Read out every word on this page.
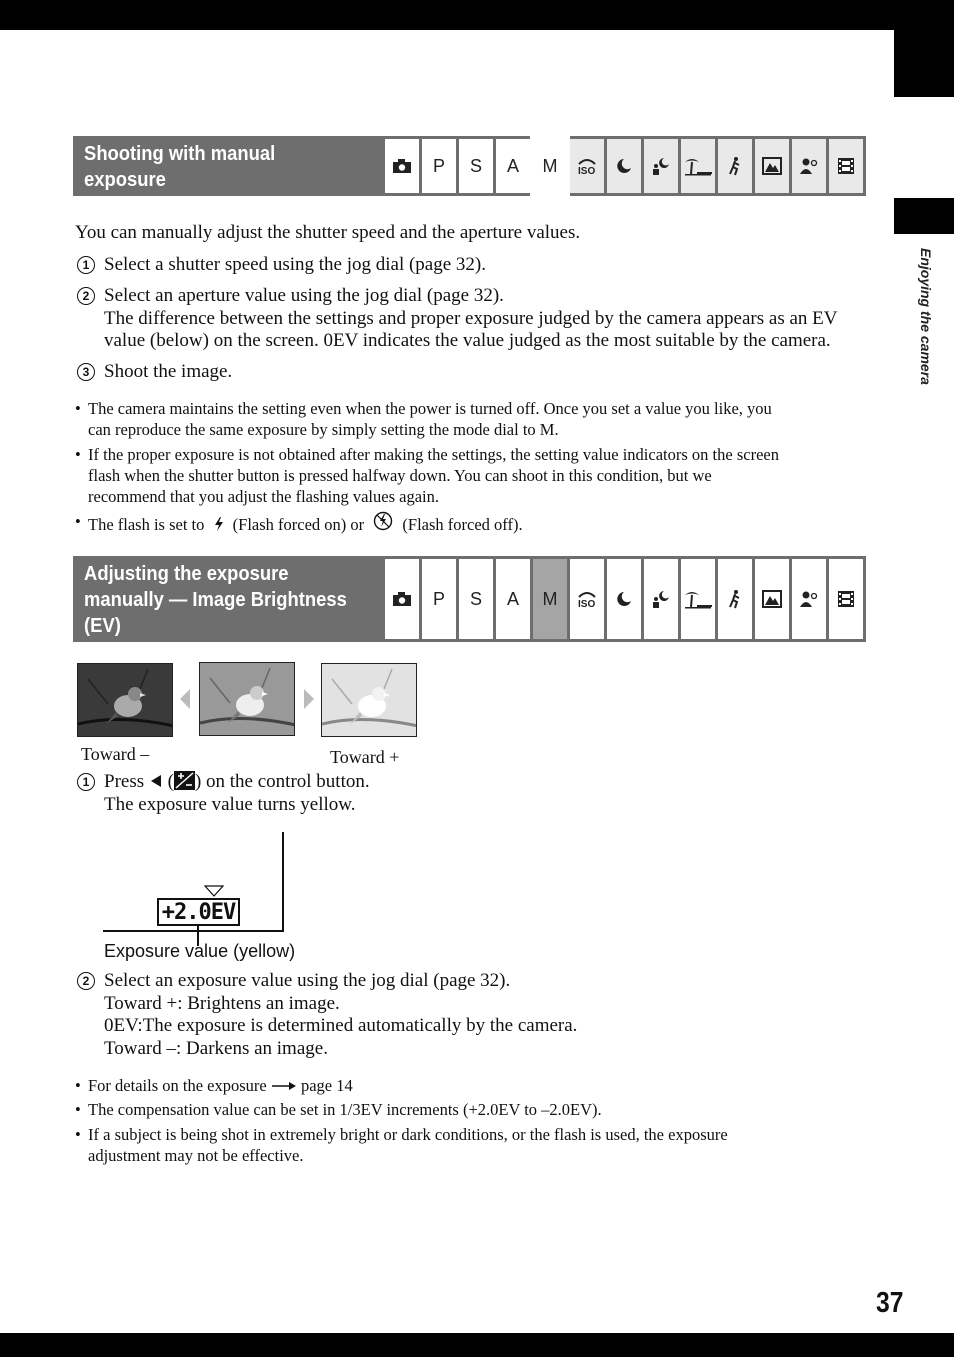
Enjoying the camera
37
Shooting with manual exposure
mode
P S A M ISO
You can manually adjust the shutter speed and the aperture values.
1 Select a shutter speed using the jog dial (page 32).
2 Select an aperture value using the jog dial (page 32).
The difference between the settings and proper exposure judged by the camera appears as an EV
value (below) on the screen. 0EV indicates the value judged as the most suitable by the camera.
3 Shoot the image.
• The camera maintains the setting even when the power is turned off. Once you set a value you like, you
can reproduce the same exposure by simply setting the mode dial to M.
• If the proper exposure is not obtained after making the settings, the setting value indicators on the screen
flash when the shutter button is pressed halfway down. You can shoot in this condition, but we
recommend that you adjust the flashing values again.
• The flash is set to (Flash forced on) or (Flash forced off).
Adjusting the exposure
manually — Image Brightness
(EV)
P S A M ISO
Toward –	Toward +
1 Press ( ) on the control button.
The exposure value turns yellow.
+2.0EV
Exposure value (yellow)
2 Select an exposure value using the jog dial (page 32).
Toward +: Brightens an image.
0EV:The exposure is determined automatically by the camera.
Toward –: Darkens an image.
• For details on the exposure page 14
• The compensation value can be set in 1/3EV increments (+2.0EV to –2.0EV).
• If a subject is being shot in extremely bright or dark conditions, or the flash is used, the exposure
adjustment may not be effective.
